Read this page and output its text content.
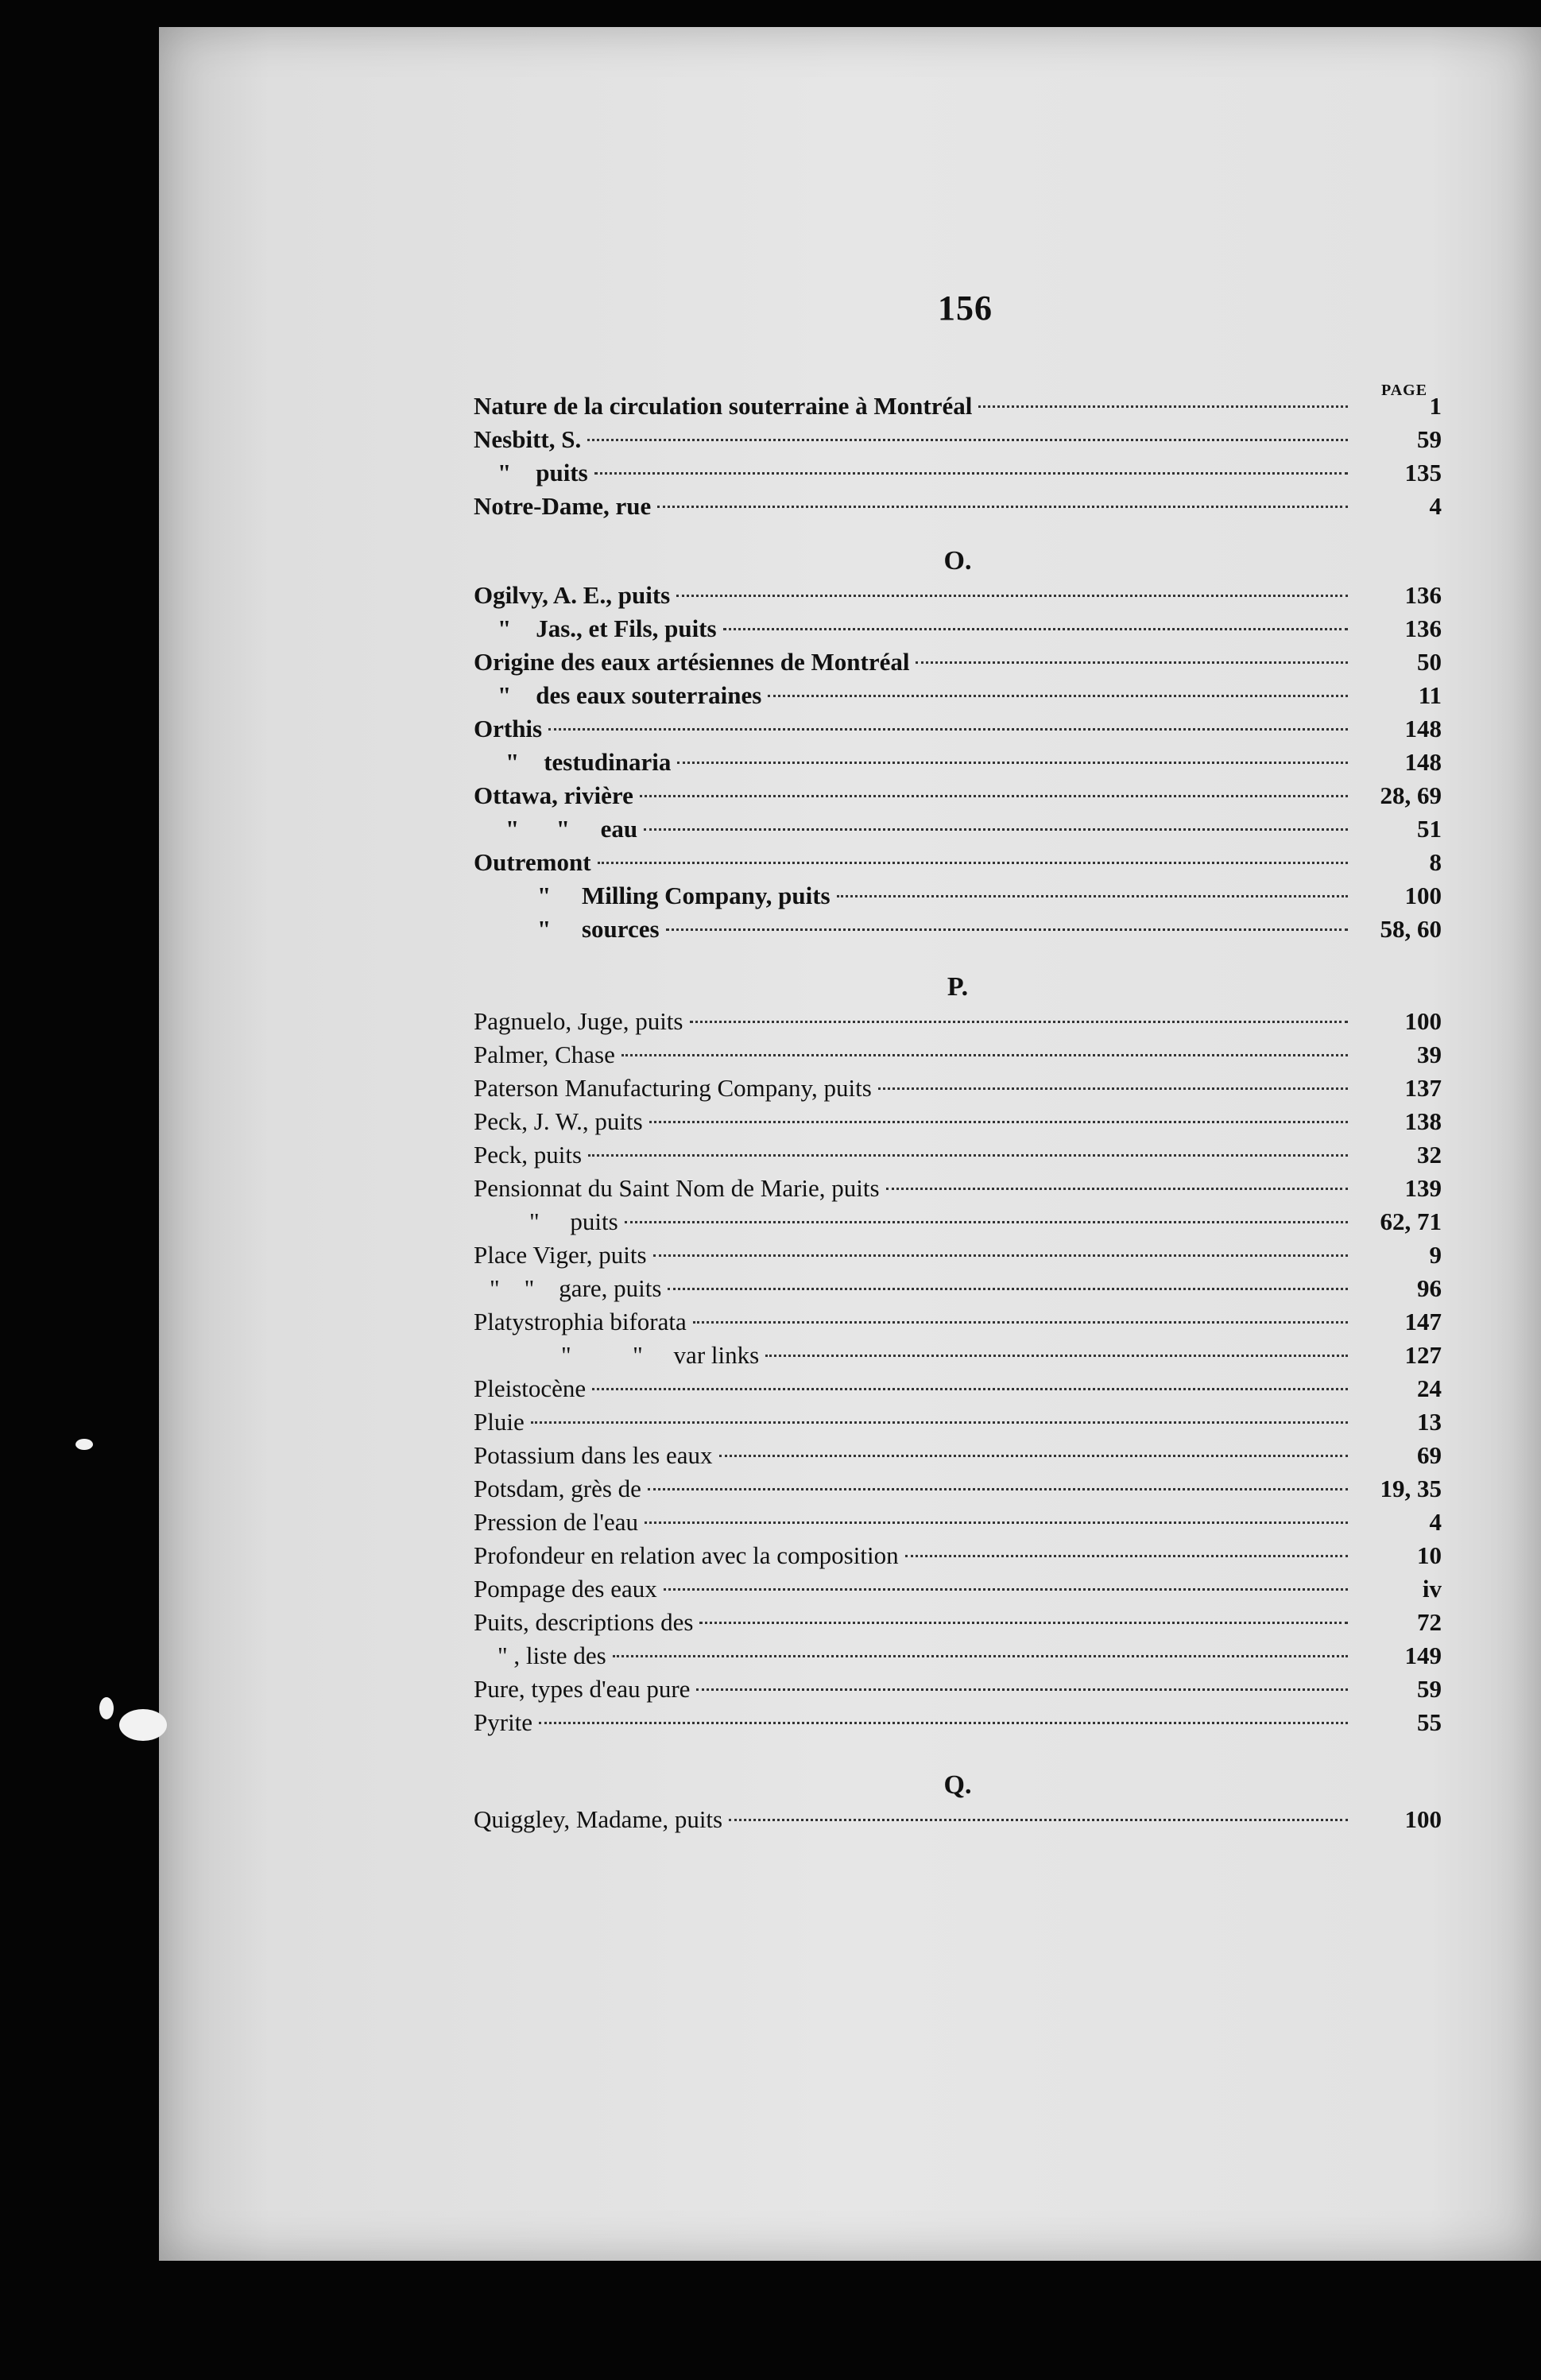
156
PAGE
Nature de la circulation souterraine à Montréal	1
Nesbitt, S.	59
"    puits	135
Notre-Dame, rue	4
O.
Ogilvy, A. E., puits	136
"    Jas., et Fils, puits	136
Origine des eaux artésiennes de Montréal	50
"    des eaux souterraines	11
Orthis	148
"    testudinaria	148
Ottawa, rivière	28, 69
"      "     eau	51
Outremont	8
"     Milling Company, puits	100
"     sources	58, 60
P.
Pagnuelo, Juge, puits	100
Palmer, Chase	39
Paterson Manufacturing Company, puits	137
Peck, J. W., puits	138
Peck, puits	32
Pensionnat du Saint Nom de Marie, puits	139
"     puits	62, 71
Place Viger, puits	9
"    "    gare, puits	96
Platystrophia biforata	147
"          "     var links	127
Pleistocène	24
Pluie	13
Potassium dans les eaux	69
Potsdam, grès de	19, 35
Pression de l'eau	4
Profondeur en relation avec la composition	10
Pompage des eaux	iv
Puits, descriptions des	72
" , liste des	149
Pure, types d'eau pure	59
Pyrite	55
Q.
Quiggley, Madame, puits	100
